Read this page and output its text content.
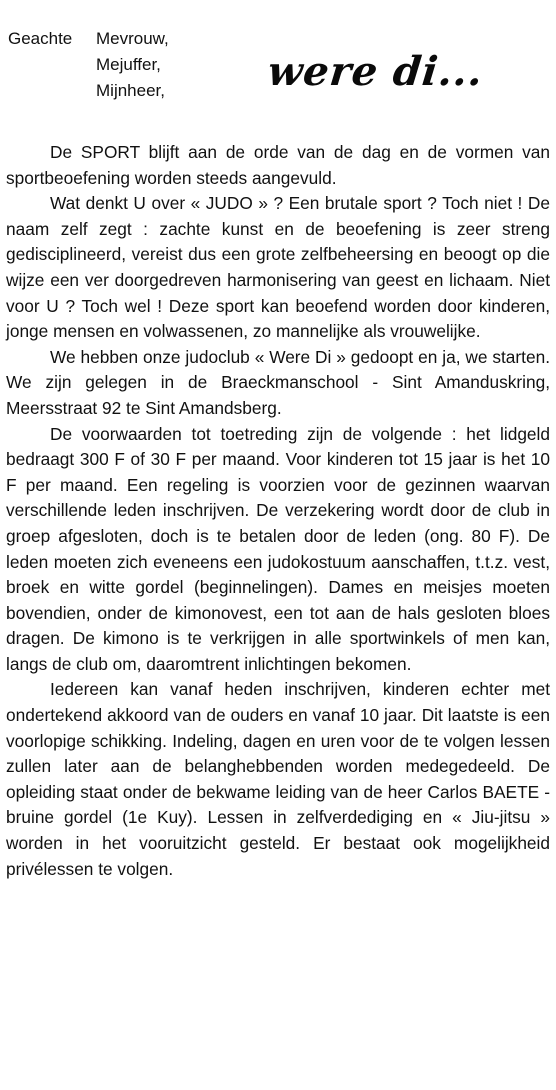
Geachte	Mevrouw,
Mejuffer,
Mijnheer,	were di...

De SPORT blijft aan de orde van de dag en de vormen van sportbeoefening worden steeds aangevuld.

Wat denkt U over « JUDO » ? Een brutale sport ? Toch niet ! De naam zelf zegt : zachte kunst en de beoefening is zeer streng gedisciplineerd, vereist dus een grote zelfbeheersing en beoogt op die wijze een ver doorgedreven harmonisering van geest en lichaam. Niet voor U ? Toch wel ! Deze sport kan beoefend worden door kinderen, jonge mensen en volwassenen, zo mannelijke als vrouwelijke.

We hebben onze judoclub « Were Di » gedoopt en ja, we starten. We zijn gelegen in de Braeckmanschool - Sint Amanduskring, Meersstraat 92 te Sint Amandsberg.

De voorwaarden tot toetreding zijn de volgende : het lidgeld bedraagt 300 F of 30 F per maand. Voor kinderen tot 15 jaar is het 10 F per maand. Een regeling is voorzien voor de gezinnen waarvan verschillende leden inschrijven. De verzekering wordt door de club in groep afgesloten, doch is te betalen door de leden (ong. 80 F). De leden moeten zich eveneens een judokostuum aanschaffen, t.t.z. vest, broek en witte gordel (beginnelingen). Dames en meisjes moeten bovendien, onder de kimonovest, een tot aan de hals gesloten bloes dragen. De kimono is te verkrijgen in alle sportwinkels of men kan, langs de club om, daaromtrent inlichtingen bekomen.

Iedereen kan vanaf heden inschrijven, kinderen echter met ondertekend akkoord van de ouders en vanaf 10 jaar. Dit laatste is een voorlopige schikking. Indeling, dagen en uren voor de te volgen lessen zullen later aan de belanghebbenden worden medegedeeld. De opleiding staat onder de bekwame leiding van de heer Carlos BAETE - bruine gordel (1e Kuy). Lessen in zelfverdediging en « Jiu-jitsu » worden in het vooruitzicht gesteld. Er bestaat ook mogelijkheid privélessen te volgen.
